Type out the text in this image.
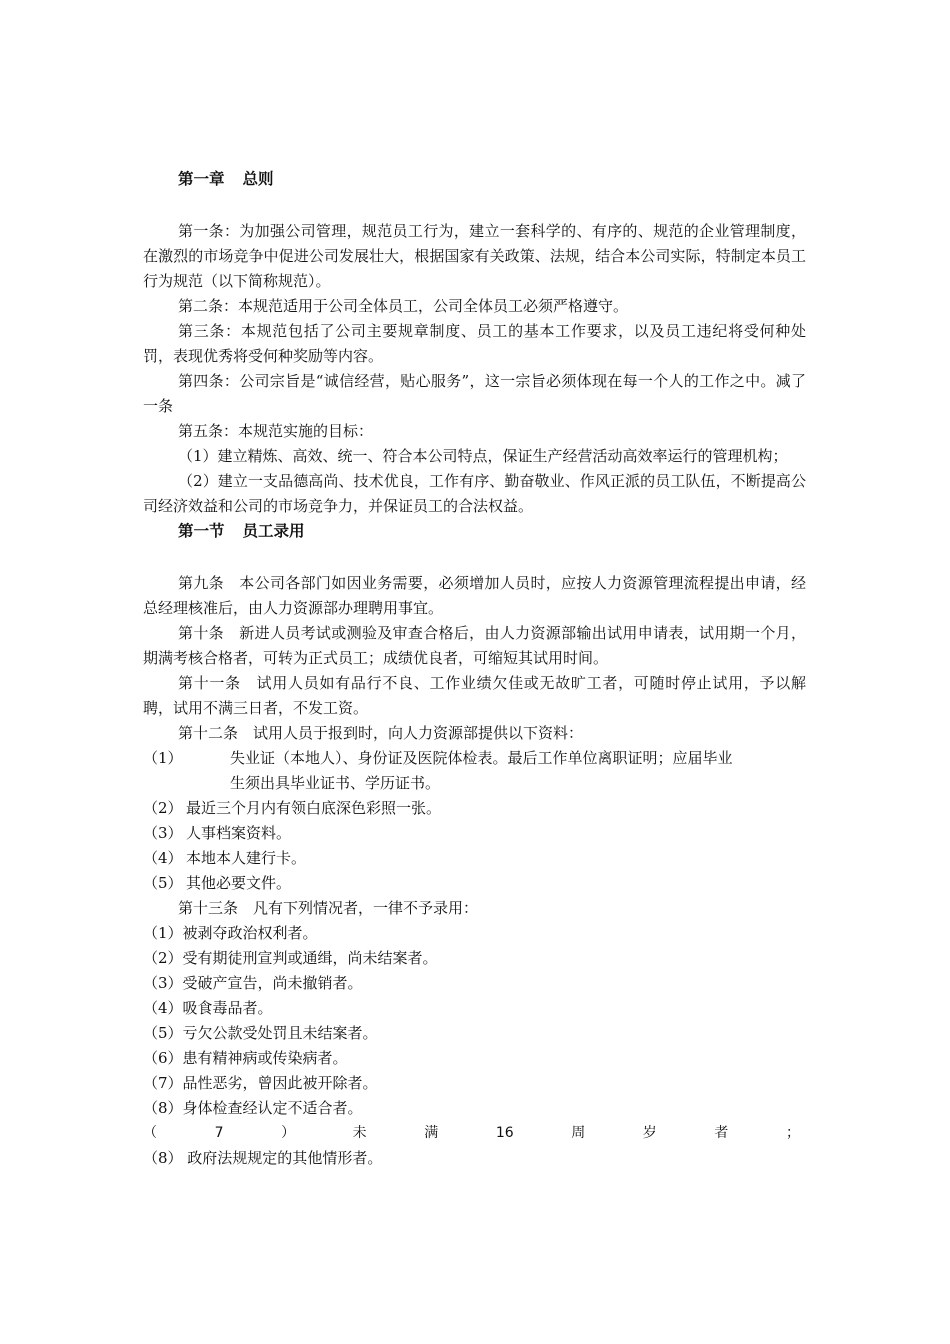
第一章 总则

第一条：为加强公司管理，规范员工行为，建立一套科学的、有序的、规范的企业管理制度，在激烈的市场竞争中促进公司发展壮大，根据国家有关政策、法规，结合本公司实际，特制定本员工行为规范（以下简称规范）。

第二条：本规范适用于公司全体员工，公司全体员工必须严格遵守。

第三条：本规范包括了公司主要规章制度、员工的基本工作要求，以及员工违纪将受何种处罚，表现优秀将受何种奖励等内容。

第四条：公司宗旨是“诚信经营，贴心服务”，这一宗旨必须体现在每一个人的工作之中。减了一条

第五条：本规范实施的目标：

（1）建立精炼、高效、统一、符合本公司特点，保证生产经营活动高效率运行的管理机构；

（2）建立一支品德高尚、技术优良，工作有序、勤奋敬业、作风正派的员工队伍，不断提高公司经济效益和公司的市场竞争力，并保证员工的合法权益。

第一节 员工录用

第九条 本公司各部门如因业务需要，必须增加人员时，应按人力资源管理流程提出申请，经总经理核准后，由人力资源部办理聘用事宜。

第十条 新进人员考试或测验及审查合格后，由人力资源部输出试用申请表，试用期一个月，期满考核合格者，可转为正式员工；成绩优良者，可缩短其试用时间。

第十一条 试用人员如有品行不良、工作业绩欠佳或无故旷工者，可随时停止试用，予以解聘，试用不满三日者，不发工资。

第十二条 试用人员于报到时，向人力资源部提供以下资料：

（1）	失业证（本地人）、身份证及医院体检表。最后工作单位离职证明；应届毕业
生须出具毕业证书、学历证书。
（2） 最近三个月内有领白底深色彩照一张。
（3） 人事档案资料。
（4） 本地本人建行卡。
（5） 其他必要文件。

第十三条 凡有下列情况者，一律不予录用：

（1）被剥夺政治权利者。
（2）受有期徒刑宣判或通缉，尚未结案者。
（3）受破产宣告，尚未撤销者。
（4）吸食毒品者。
（5）亏欠公款受处罚且未结案者。
（6）患有精神病或传染病者。
（7）品性恶劣，曾因此被开除者。
（8）身体检查经认定不适合者。
（	7	）	未	满	16	周	岁	者	；
（8） 政府法规规定的其他情形者。
